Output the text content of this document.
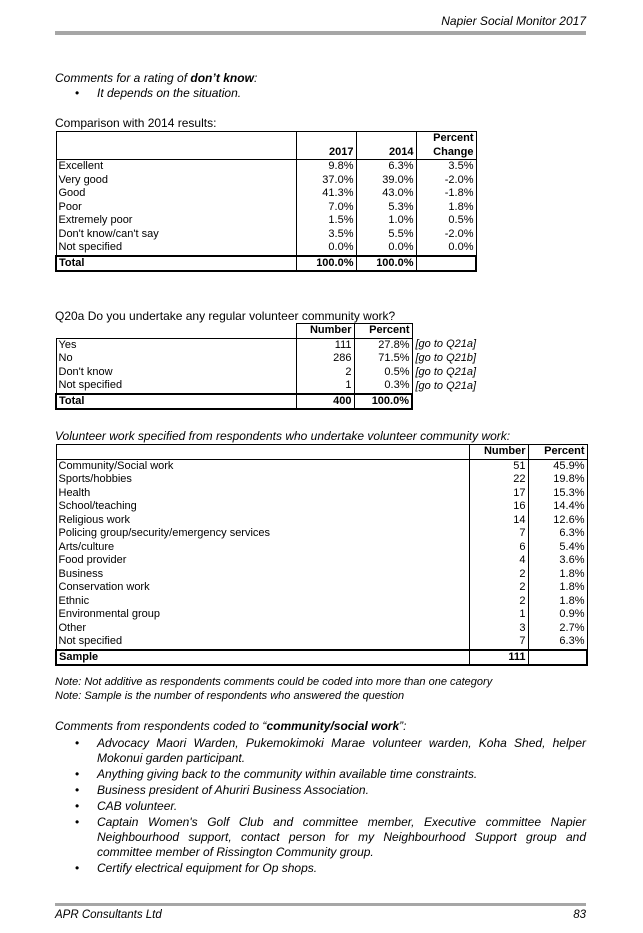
Napier Social Monitor 2017
Comments for a rating of don’t know:
• It depends on the situation.
Comparison with 2014 results:
			Percent
	2017	2014	Change
Excellent	9.8%	6.3%	3.5%
Very good	37.0%	39.0%	-2.0%
Good	41.3%	43.0%	-1.8%
Poor	7.0%	5.3%	1.8%
Extremely poor	1.5%	1.0%	0.5%
Don't know/can't say	3.5%	5.5%	-2.0%
Not specified	0.0%	0.0%	0.0%
Total	100.0%	100.0%	
Q20a Do you undertake any regular volunteer community work?
	Number	Percent	
Yes	111	27.8%	[go to Q21a]
No	286	71.5%	[go to Q21b]
Don't know	2	0.5%	[go to Q21a]
Not specified	1	0.3%	[go to Q21a]
Total	400	100.0%	
Volunteer work specified from respondents who undertake volunteer community work:
	Number	Percent
Community/Social work	51	45.9%
Sports/hobbies	22	19.8%
Health	17	15.3%
School/teaching	16	14.4%
Religious work	14	12.6%
Policing group/security/emergency services	7	6.3%
Arts/culture	6	5.4%
Food provider	4	3.6%
Business	2	1.8%
Conservation work	2	1.8%
Ethnic	2	1.8%
Environmental group	1	0.9%
Other	3	2.7%
Not specified	7	6.3%
Sample	111	
Note: Not additive as respondents comments could be coded into more than one category
Note: Sample is the number of respondents who answered the question
Comments from respondents coded to “community/social work”:
• Advocacy Maori Warden, Pukemokimoki Marae volunteer warden, Koha Shed, helper Mokonui garden participant.
• Anything giving back to the community within available time constraints.
• Business president of Ahuriri Business Association.
• CAB volunteer.
• Captain Women's Golf Club and committee member, Executive committee Napier Neighbourhood support, contact person for my Neighbourhood Support group and committee member of Rissington Community group.
• Certify electrical equipment for Op shops.
APR Consultants Ltd	83
